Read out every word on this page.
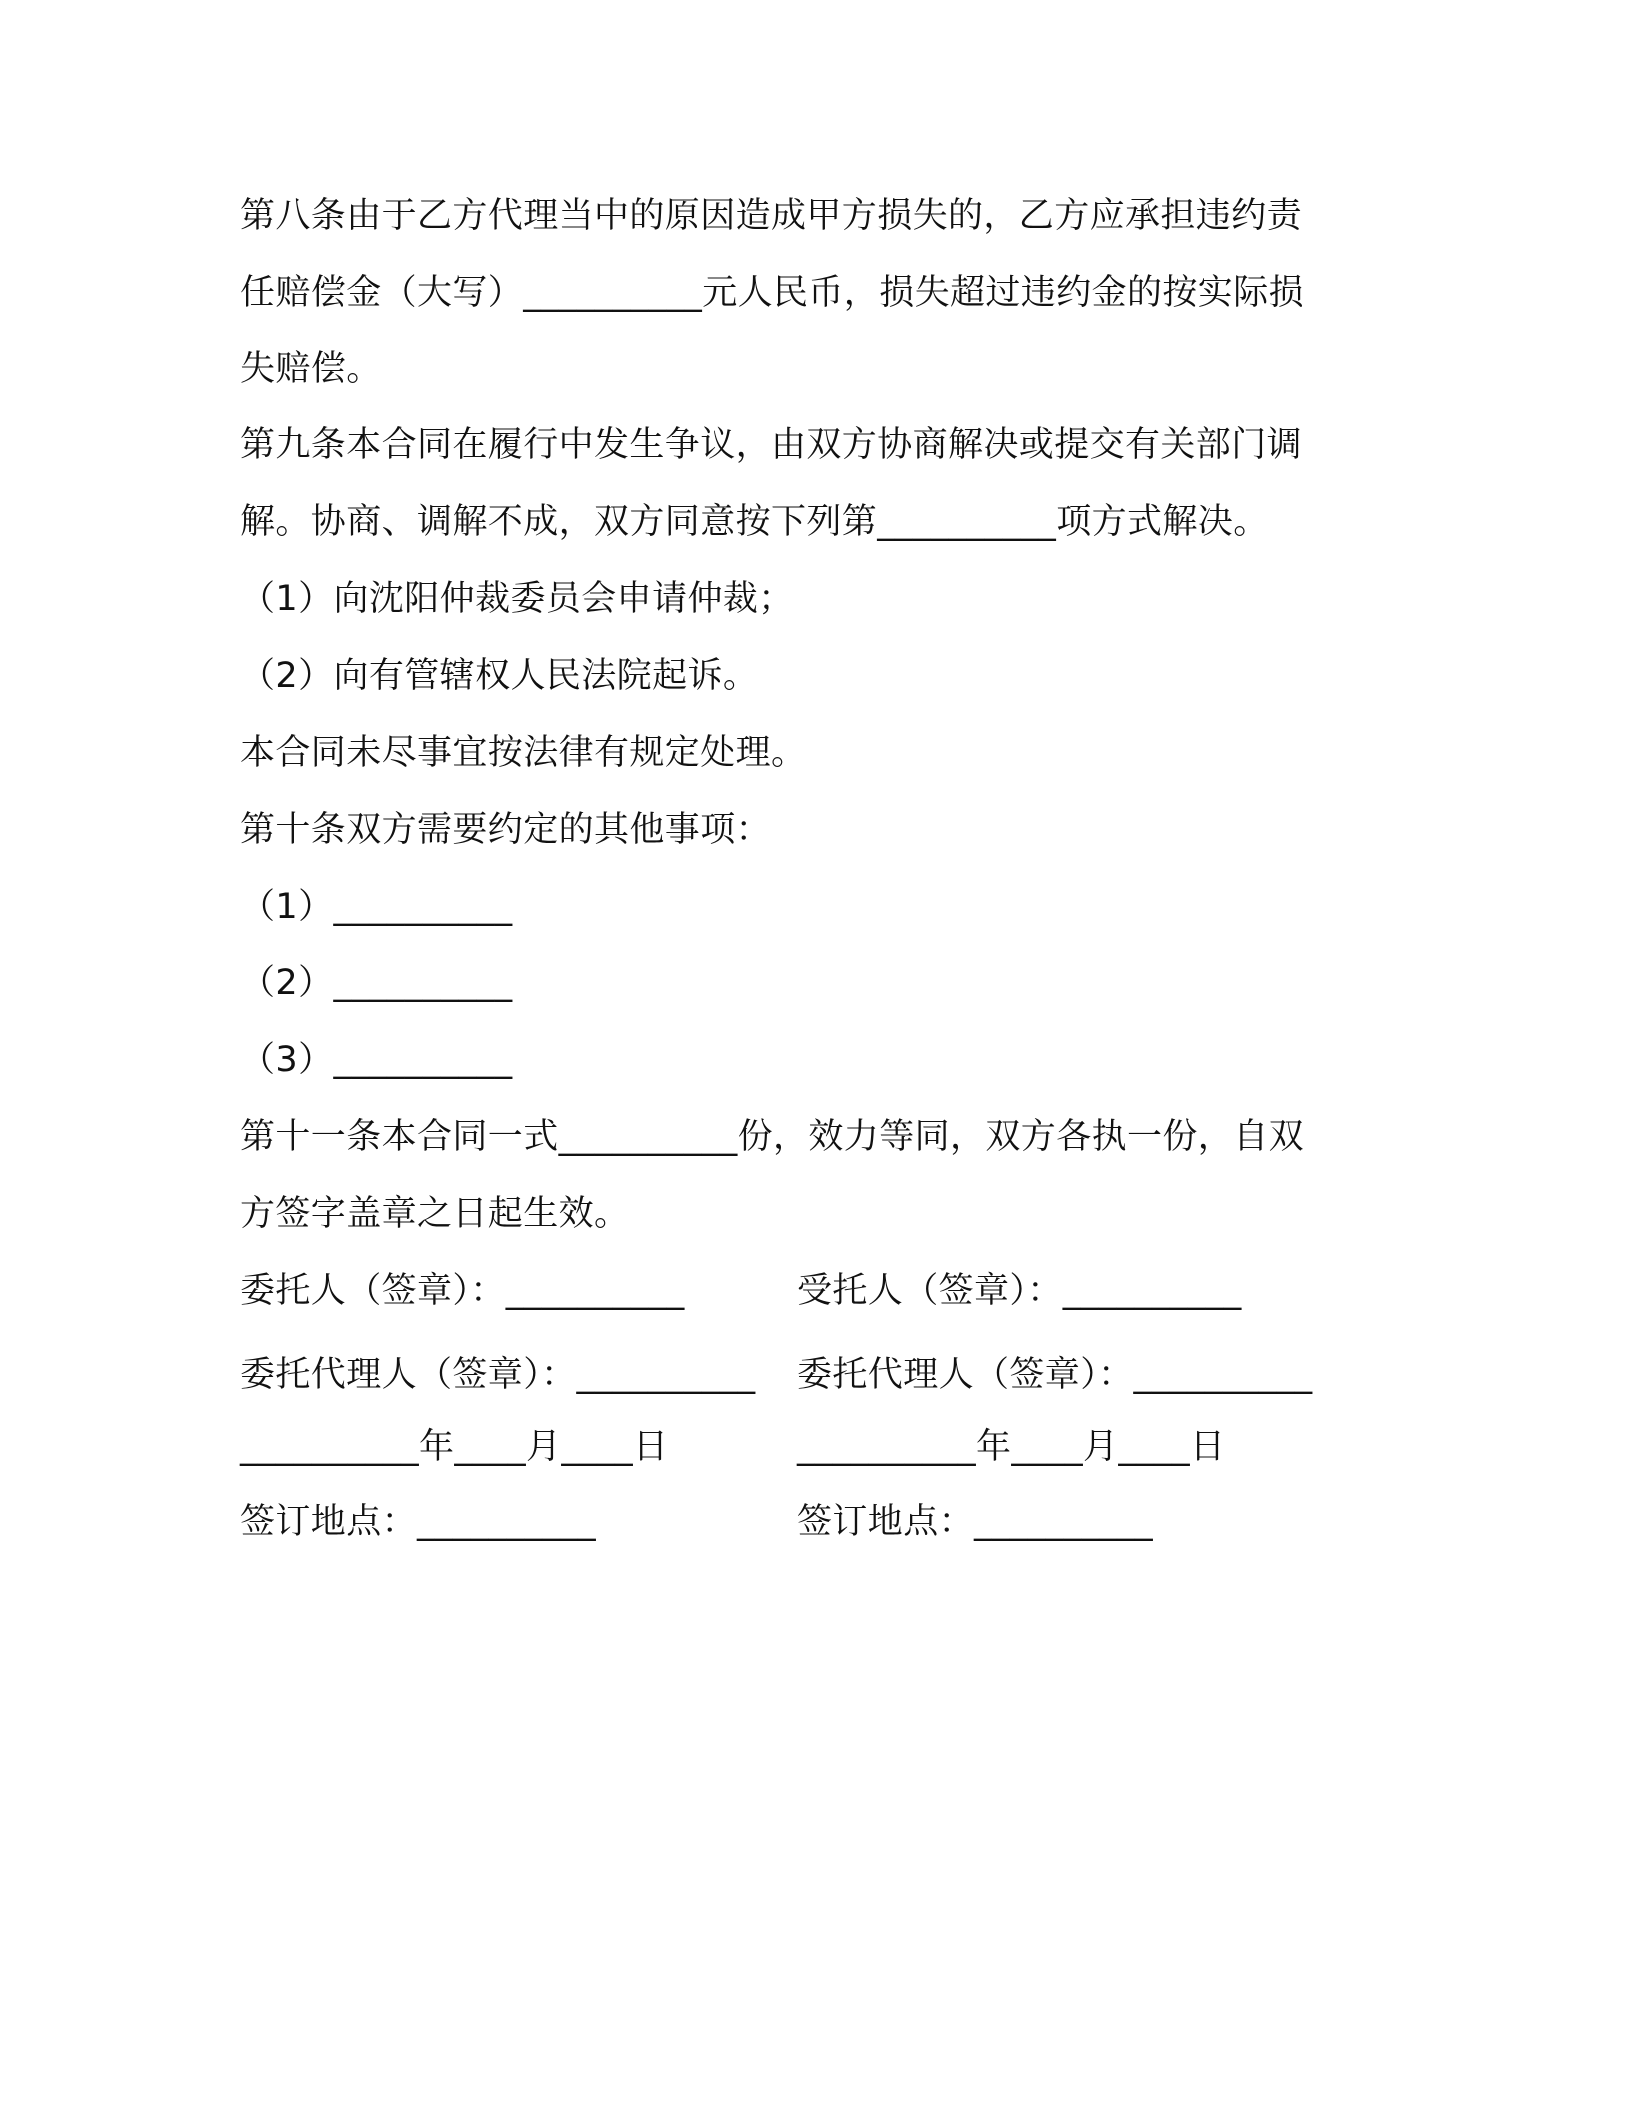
第八条由于乙方代理当中的原因造成甲方损失的，乙方应承担违约责
任赔偿金（大写）__________元人民币，损失超过违约金的按实际损
失赔偿。
第九条本合同在履行中发生争议，由双方协商解决或提交有关部门调
解。协商、调解不成，双方同意按下列第__________项方式解决。
（1）向沈阳仲裁委员会申请仲裁；
（2）向有管辖权人民法院起诉。
本合同未尽事宜按法律有规定处理。
第十条双方需要约定的其他事项：
（1）__________
（2）__________
（3）__________
第十一条本合同一式__________份，效力等同，双方各执一份，自双
方签字盖章之日起生效。
委托人（签章）：__________	受托人（签章）：__________
委托代理人（签章）：__________ 委托代理人（签章）：__________
__________年____月____日	__________年____月____日
签订地点：__________	签订地点：__________
